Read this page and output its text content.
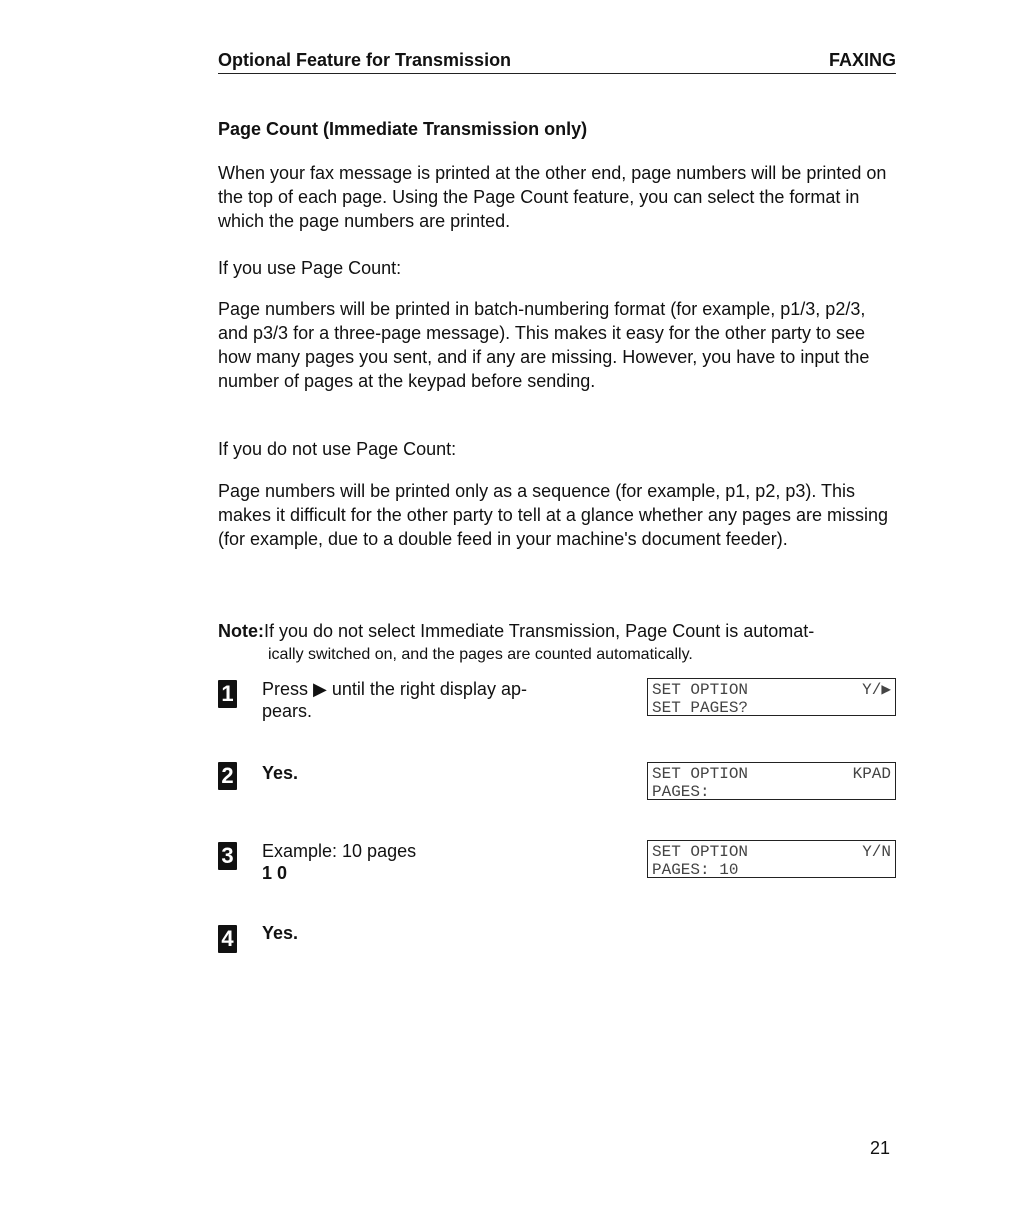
Optional Feature for Transmission	FAXING
Page Count (Immediate Transmission only)
When your fax message is printed at the other end, page numbers will be printed on the top of each page. Using the Page Count feature, you can select the format in which the page numbers are printed.
If you use Page Count:
Page numbers will be printed in batch-numbering format (for example, p1/3, p2/3, and p3/3 for a three-page message). This makes it easy for the other party to see how many pages you sent, and if any are missing. However, you have to input the number of pages at the keypad before sending.
If you do not use Page Count:
Page numbers will be printed only as a sequence (for example, p1, p2, p3). This makes it difficult for the other party to tell at a glance whether any pages are missing (for example, due to a double feed in your machine's document feeder).
Note:If you do not select Immediate Transmission, Page Count is automat-
ically switched on, and the pages are counted automatically.
1 Press ▶ until the right display ap-
pears.
SET OPTION	Y/▶
SET PAGES?
2 Yes.	SET OPTION	KPAD
PAGES:
3 Example: 10 pages
1 0
SET OPTION	Y/N
PAGES: 10
4 Yes.
21
